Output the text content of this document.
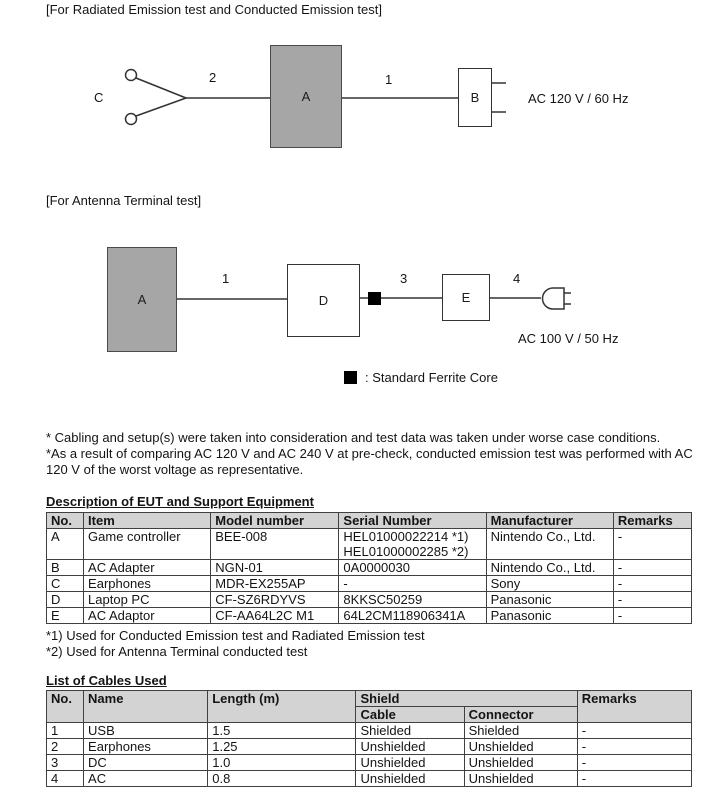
[For Radiated Emission test and Conducted Emission test]
C
2	1
A	B	AC 120 V / 60 Hz
[For Antenna Terminal test]
A
1
D
3
E
4
AC 100 V / 50 Hz
: Standard Ferrite Core
* Cabling and setup(s) were taken into consideration and test data was taken under worse case conditions.
*As a result of comparing AC 120 V and AC 240 V at pre-check, conducted emission test was performed with AC 120 V of the worst voltage as representative.
Description of EUT and Support Equipment
No.	Item	Model number	Serial Number	Manufacturer	Remarks
A	Game controller	BEE-008	HEL01000022214 *1)
HEL01000002285 *2)	Nintendo Co., Ltd.	-
B	AC Adapter	NGN-01	0A0000030	Nintendo Co., Ltd.	-
C	Earphones	MDR-EX255AP	-	Sony	-
D	Laptop PC	CF-SZ6RDYVS	8KKSC50259	Panasonic	-
E	AC Adaptor	CF-AA64L2C M1	64L2CM118906341A	Panasonic	-
*1) Used for Conducted Emission test and Radiated Emission test
*2) Used for Antenna Terminal conducted test
List of Cables Used
No.	Name	Length (m)	Shield		Remarks
			Cable	Connector	
1	USB	1.5	Shielded	Shielded	-
2	Earphones	1.25	Unshielded	Unshielded	-
3	DC	1.0	Unshielded	Unshielded	-
4	AC	0.8	Unshielded	Unshielded	-
